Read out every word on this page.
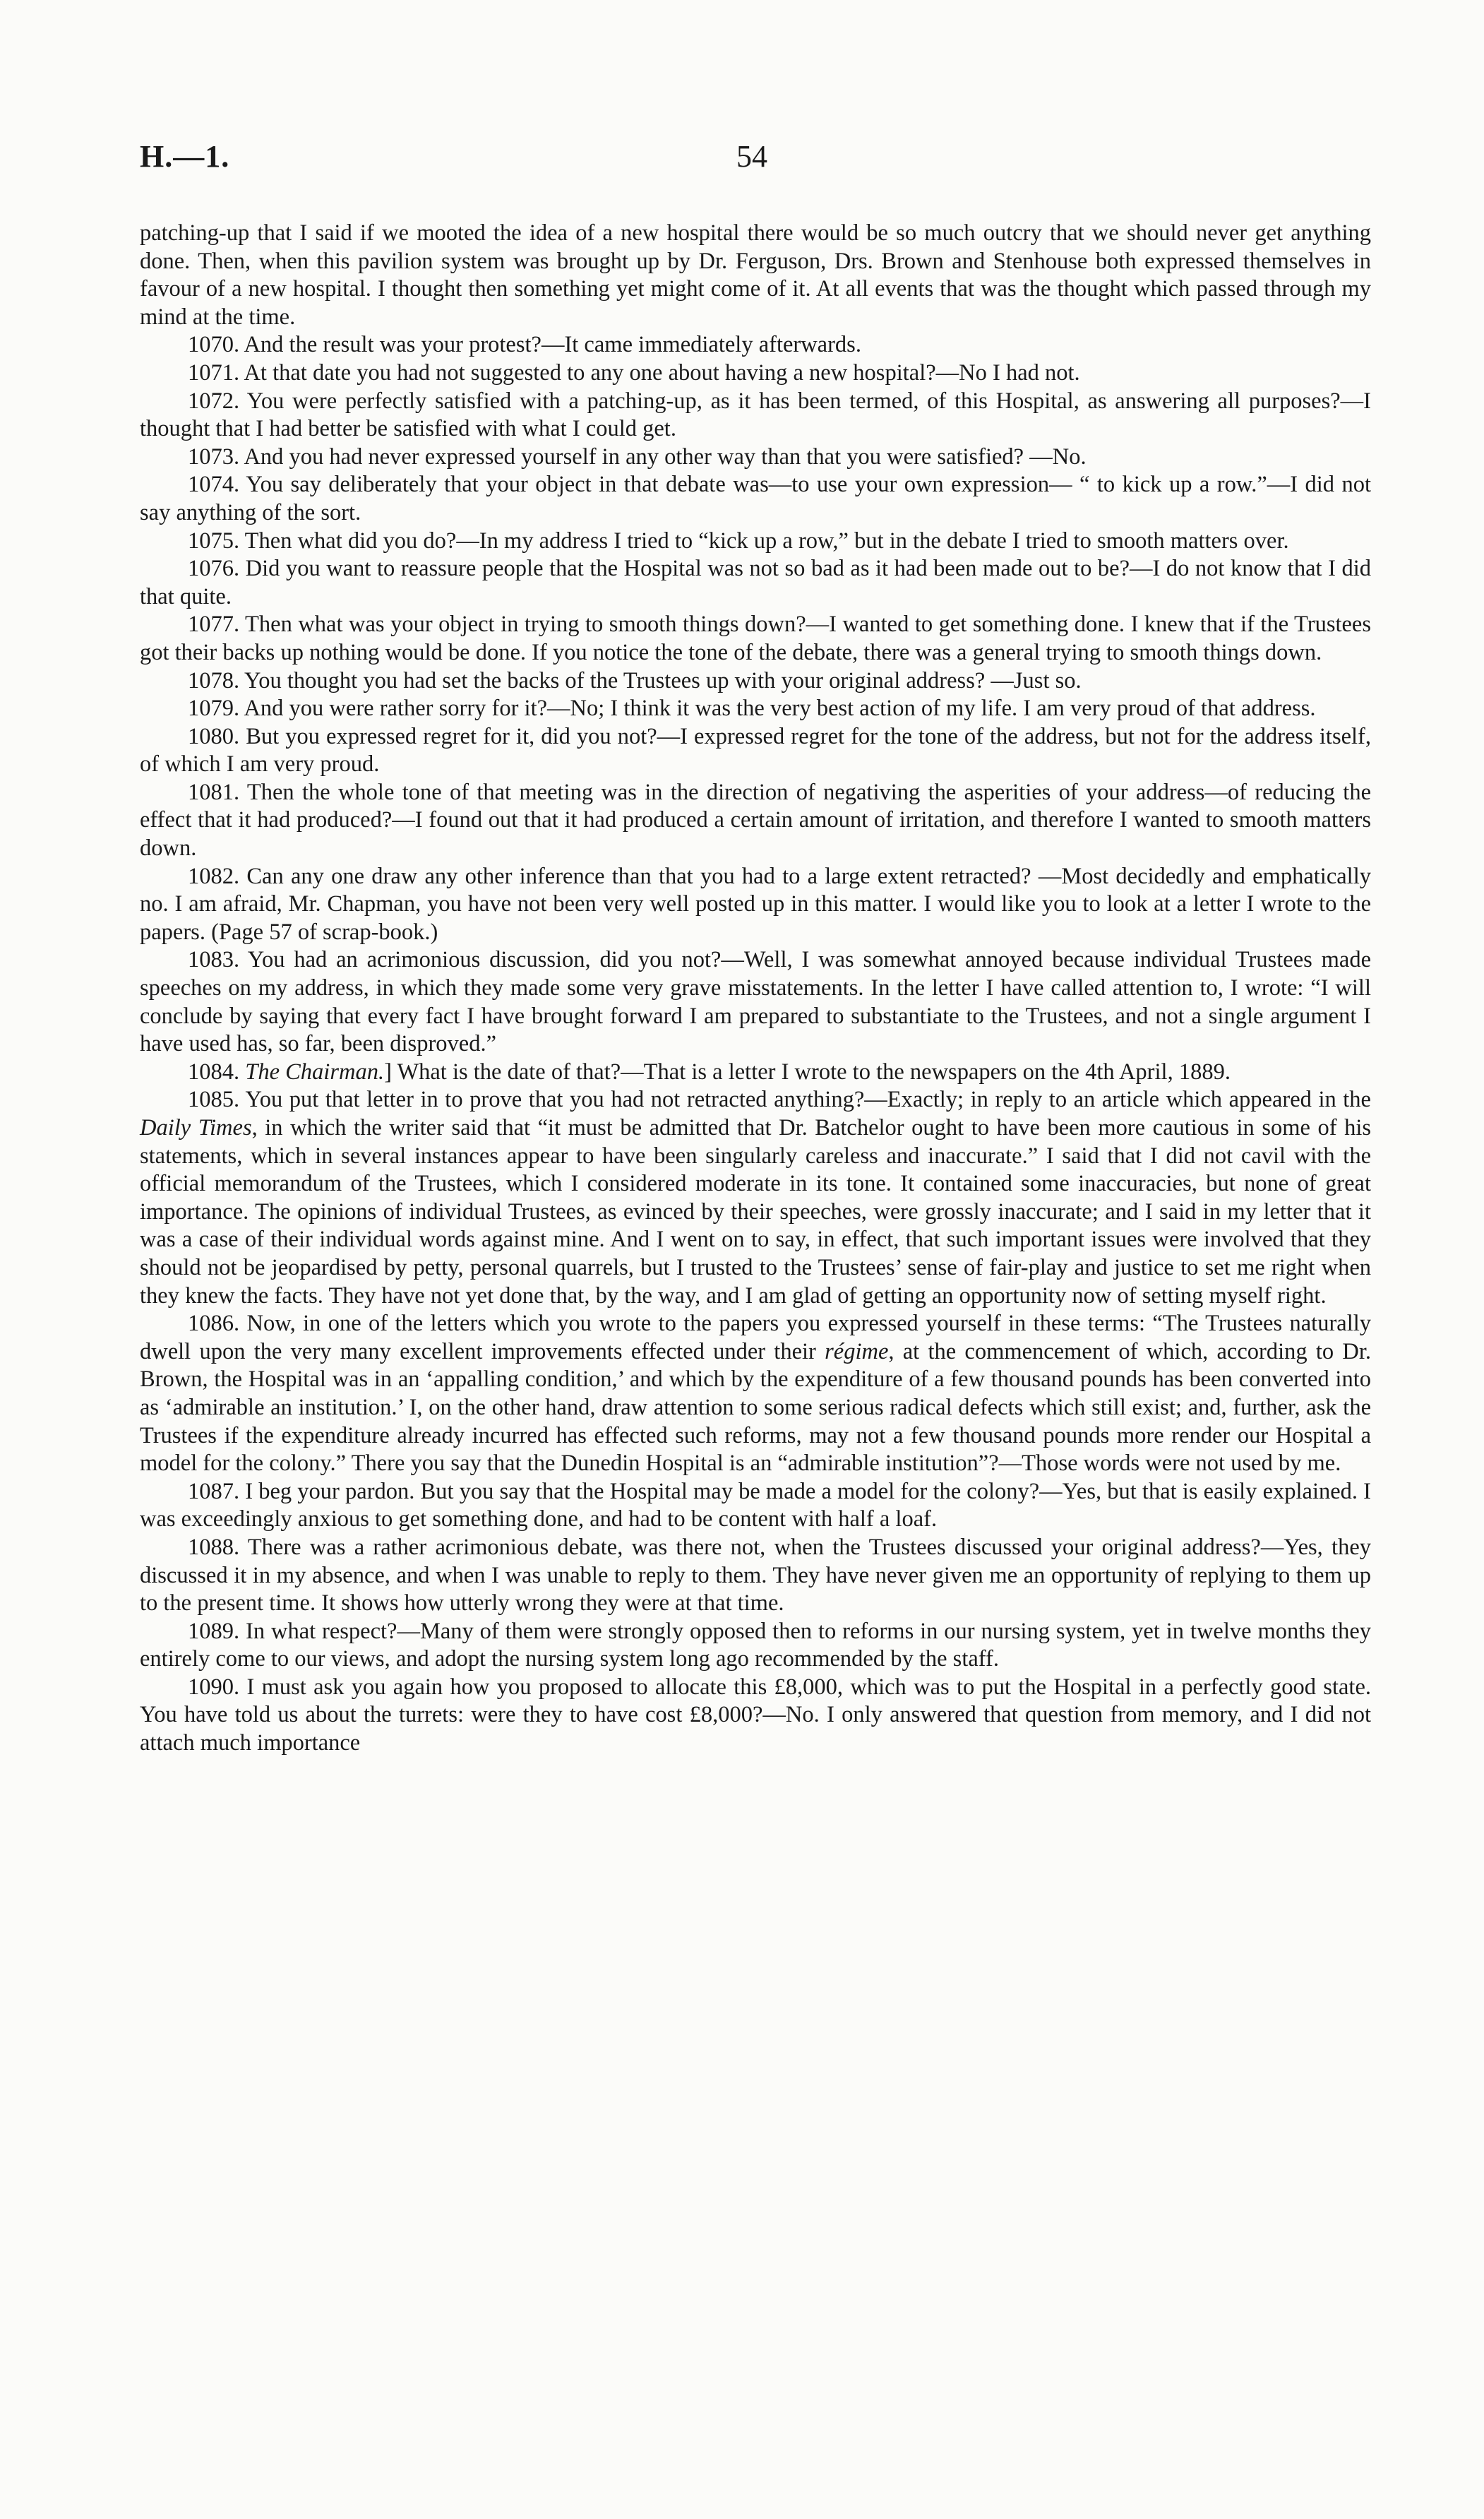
H.—1.	54

patching-up that I said if we mooted the idea of a new hospital there would be so much outcry that we should never get anything done. Then, when this pavilion system was brought up by Dr. Ferguson, Drs. Brown and Stenhouse both expressed themselves in favour of a new hospital. I thought then something yet might come of it. At all events that was the thought which passed through my mind at the time.

1070. And the result was your protest?—It came immediately afterwards.

1071. At that date you had not suggested to any one about having a new hospital?—No I had not.

1072. You were perfectly satisfied with a patching-up, as it has been termed, of this Hospital, as answering all purposes?—I thought that I had better be satisfied with what I could get.

1073. And you had never expressed yourself in any other way than that you were satisfied? —No.

1074. You say deliberately that your object in that debate was—to use your own expression— “ to kick up a row.”—I did not say anything of the sort.

1075. Then what did you do?—In my address I tried to “kick up a row,” but in the debate I tried to smooth matters over.

1076. Did you want to reassure people that the Hospital was not so bad as it had been made out to be?—I do not know that I did that quite.

1077. Then what was your object in trying to smooth things down?—I wanted to get something done. I knew that if the Trustees got their backs up nothing would be done. If you notice the tone of the debate, there was a general trying to smooth things down.

1078. You thought you had set the backs of the Trustees up with your original address? —Just so.

1079. And you were rather sorry for it?—No; I think it was the very best action of my life. I am very proud of that address.

1080. But you expressed regret for it, did you not?—I expressed regret for the tone of the address, but not for the address itself, of which I am very proud.

1081. Then the whole tone of that meeting was in the direction of negativing the asperities of your address—of reducing the effect that it had produced?—I found out that it had produced a certain amount of irritation, and therefore I wanted to smooth matters down.

1082. Can any one draw any other inference than that you had to a large extent retracted? —Most decidedly and emphatically no. I am afraid, Mr. Chapman, you have not been very well posted up in this matter. I would like you to look at a letter I wrote to the papers. (Page 57 of scrap-book.)

1083. You had an acrimonious discussion, did you not?—Well, I was somewhat annoyed because individual Trustees made speeches on my address, in which they made some very grave misstatements. In the letter I have called attention to, I wrote: “I will conclude by saying that every fact I have brought forward I am prepared to substantiate to the Trustees, and not a single argument I have used has, so far, been disproved.”

1084. The Chairman.] What is the date of that?—That is a letter I wrote to the newspapers on the 4th April, 1889.

1085. You put that letter in to prove that you had not retracted anything?—Exactly; in reply to an article which appeared in the Daily Times, in which the writer said that “it must be admitted that Dr. Batchelor ought to have been more cautious in some of his statements, which in several instances appear to have been singularly careless and inaccurate.” I said that I did not cavil with the official memorandum of the Trustees, which I considered moderate in its tone. It contained some inaccuracies, but none of great importance. The opinions of individual Trustees, as evinced by their speeches, were grossly inaccurate; and I said in my letter that it was a case of their individual words against mine. And I went on to say, in effect, that such important issues were involved that they should not be jeopardised by petty, personal quarrels, but I trusted to the Trustees’ sense of fair-play and justice to set me right when they knew the facts. They have not yet done that, by the way, and I am glad of getting an opportunity now of setting myself right.

1086. Now, in one of the letters which you wrote to the papers you expressed yourself in these terms: “The Trustees naturally dwell upon the very many excellent improvements effected under their régime, at the commencement of which, according to Dr. Brown, the Hospital was in an ‘appalling condition,’ and which by the expenditure of a few thousand pounds has been converted into as ‘admirable an institution.’ I, on the other hand, draw attention to some serious radical defects which still exist; and, further, ask the Trustees if the expenditure already incurred has effected such reforms, may not a few thousand pounds more render our Hospital a model for the colony.” There you say that the Dunedin Hospital is an “admirable institution”?—Those words were not used by me.

1087. I beg your pardon. But you say that the Hospital may be made a model for the colony?—Yes, but that is easily explained. I was exceedingly anxious to get something done, and had to be content with half a loaf.

1088. There was a rather acrimonious debate, was there not, when the Trustees discussed your original address?—Yes, they discussed it in my absence, and when I was unable to reply to them. They have never given me an opportunity of replying to them up to the present time. It shows how utterly wrong they were at that time.

1089. In what respect?—Many of them were strongly opposed then to reforms in our nursing system, yet in twelve months they entirely come to our views, and adopt the nursing system long ago recommended by the staff.

1090. I must ask you again how you proposed to allocate this £8,000, which was to put the Hospital in a perfectly good state. You have told us about the turrets: were they to have cost £8,000?—No. I only answered that question from memory, and I did not attach much importance
